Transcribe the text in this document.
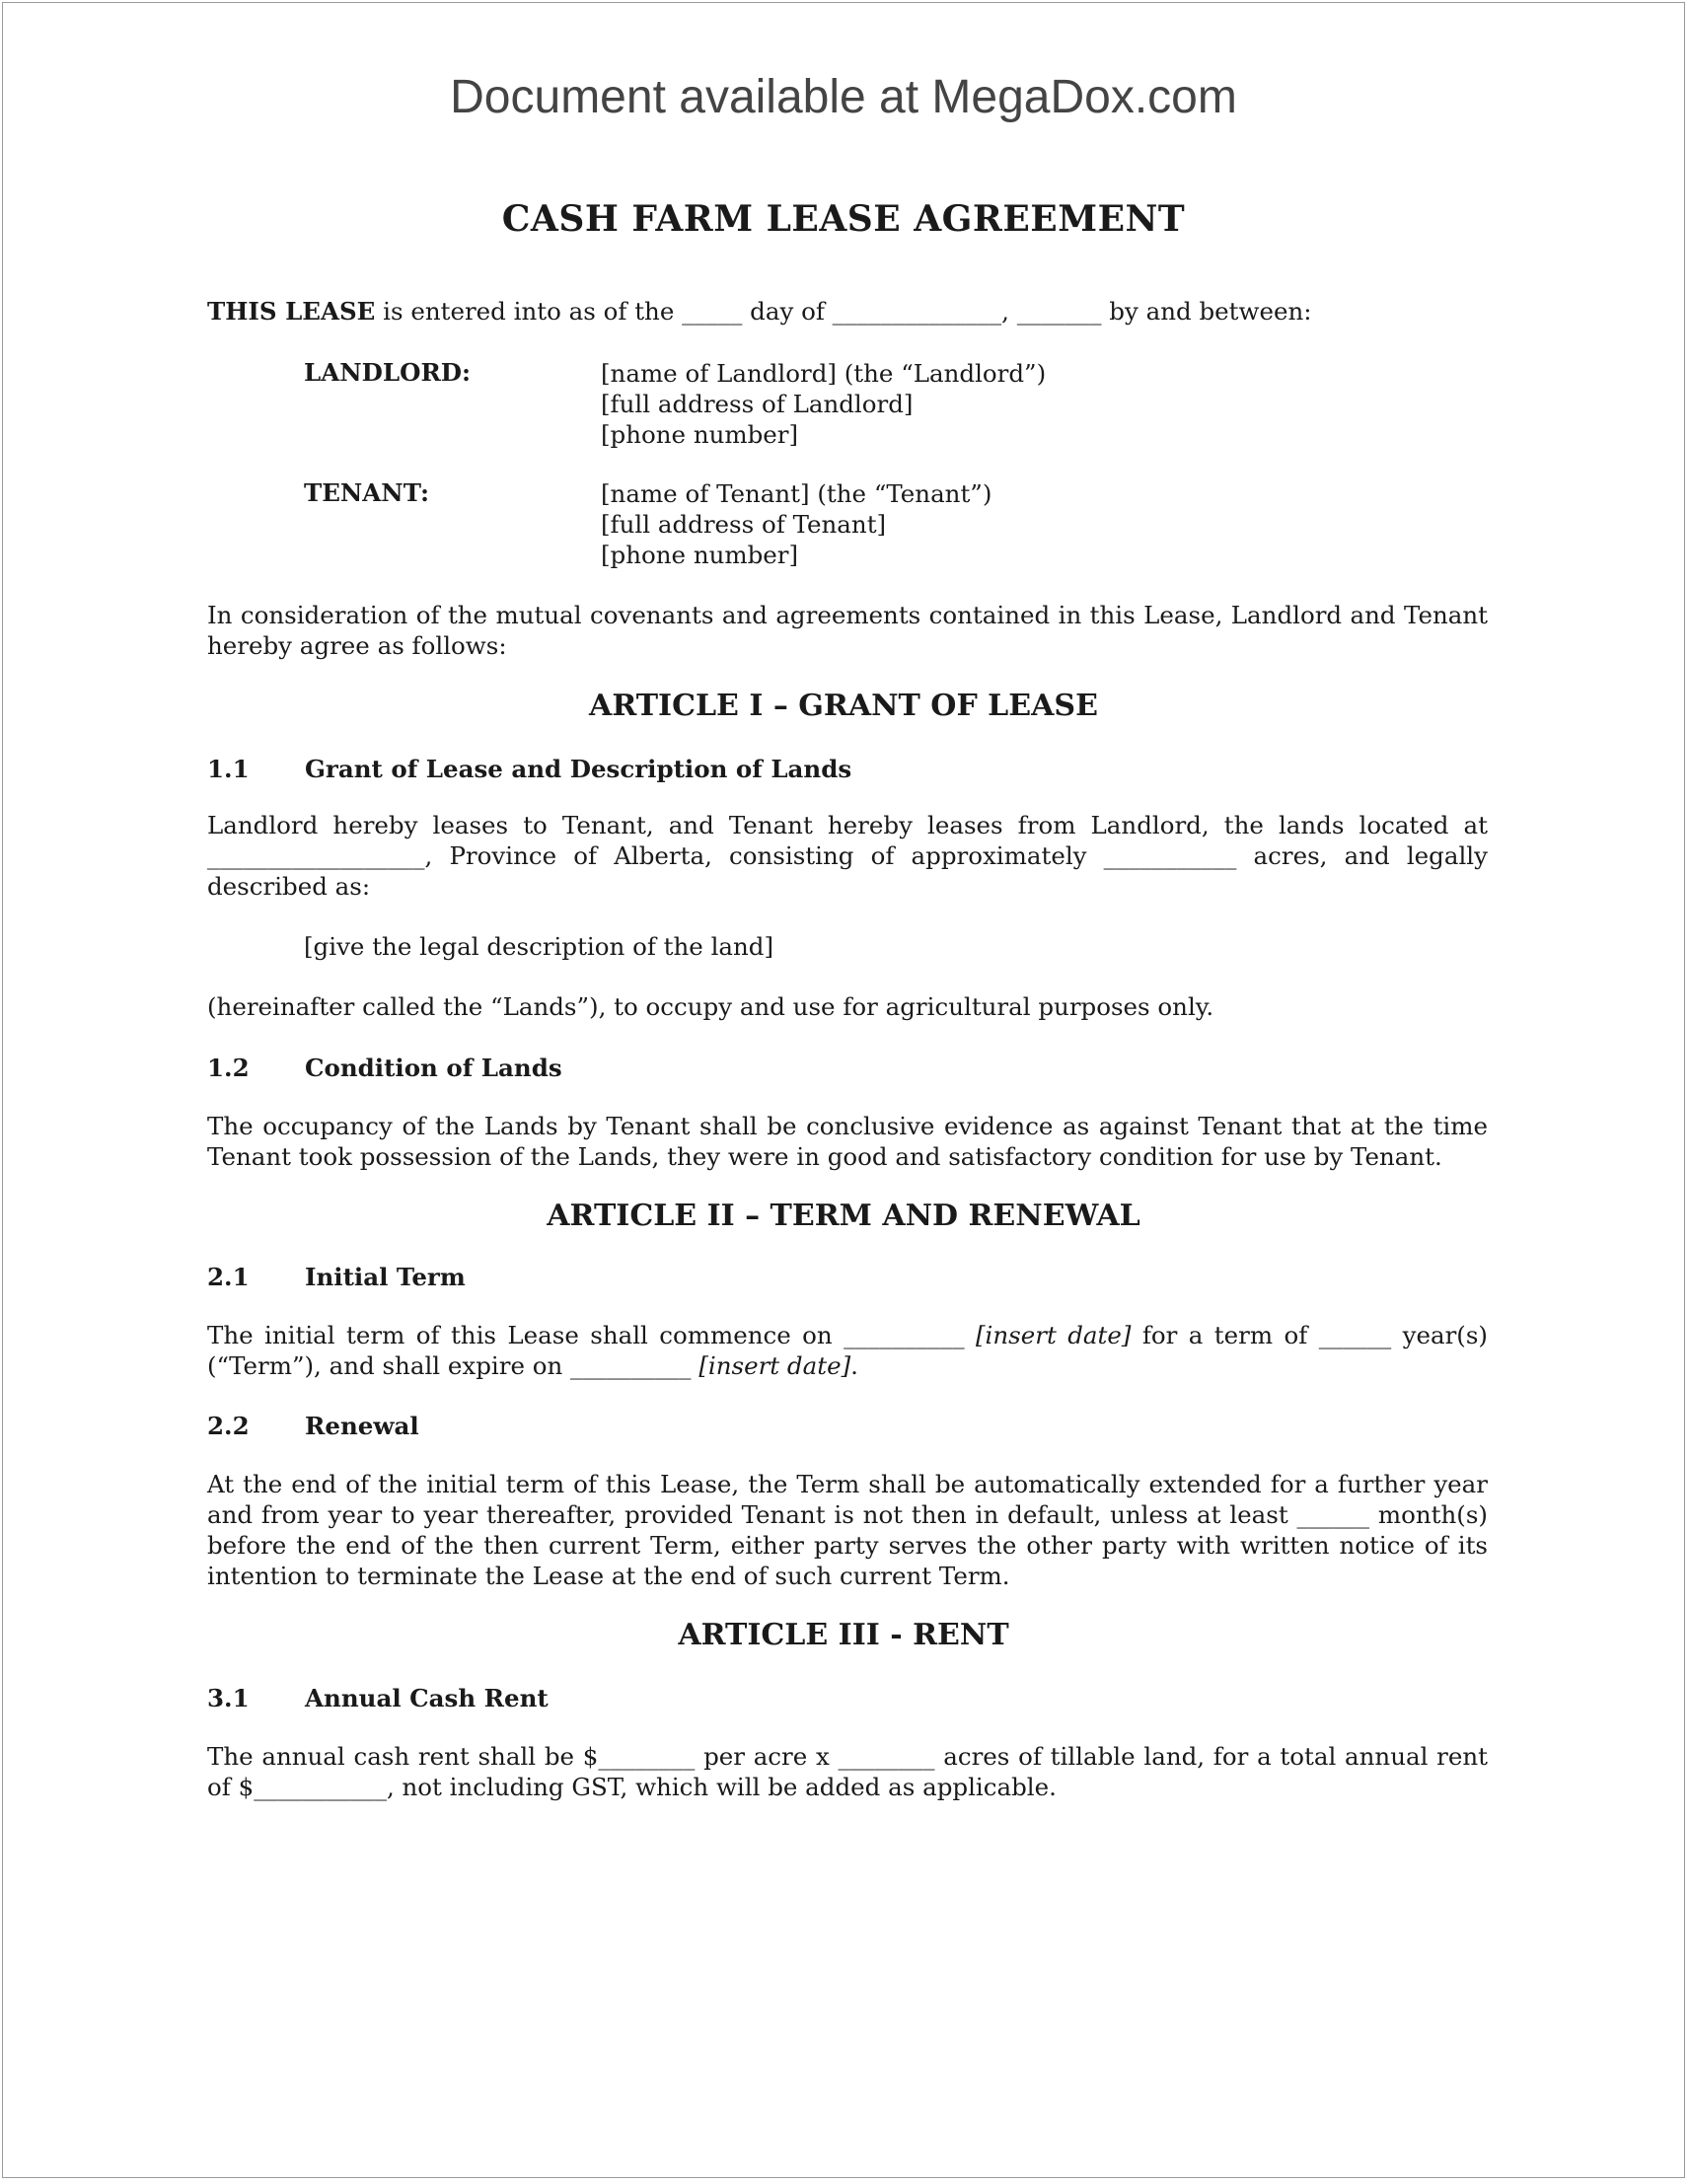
Document available at MegaDox.com
CASH FARM LEASE AGREEMENT
THIS LEASE is entered into as of the _____ day of ______________, _______ by and between:
LANDLORD:	[name of Landlord] (the “Landlord”)
[full address of Landlord]
[phone number]
TENANT:	[name of Tenant] (the “Tenant”)
[full address of Tenant]
[phone number]
In consideration of the mutual covenants and agreements contained in this Lease, Landlord and Tenant hereby agree as follows:
ARTICLE I – GRANT OF LEASE
1.1 Grant of Lease and Description of Lands
Landlord hereby leases to Tenant, and Tenant hereby leases from Landlord, the lands located at __________________, Province of Alberta, consisting of approximately ___________ acres, and legally described as:
[give the legal description of the land]
(hereinafter called the “Lands”), to occupy and use for agricultural purposes only.
1.2 Condition of Lands
The occupancy of the Lands by Tenant shall be conclusive evidence as against Tenant that at the time Tenant took possession of the Lands, they were in good and satisfactory condition for use by Tenant.
ARTICLE II – TERM AND RENEWAL
2.1 Initial Term
The initial term of this Lease shall commence on __________ [insert date] for a term of ______ year(s) (“Term”), and shall expire on __________ [insert date].
2.2 Renewal
At the end of the initial term of this Lease, the Term shall be automatically extended for a further year and from year to year thereafter, provided Tenant is not then in default, unless at least ______ month(s) before the end of the then current Term, either party serves the other party with written notice of its intention to terminate the Lease at the end of such current Term.
ARTICLE III - RENT
3.1 Annual Cash Rent
The annual cash rent shall be $________ per acre x ________ acres of tillable land, for a total annual rent of $___________, not including GST, which will be added as applicable.
